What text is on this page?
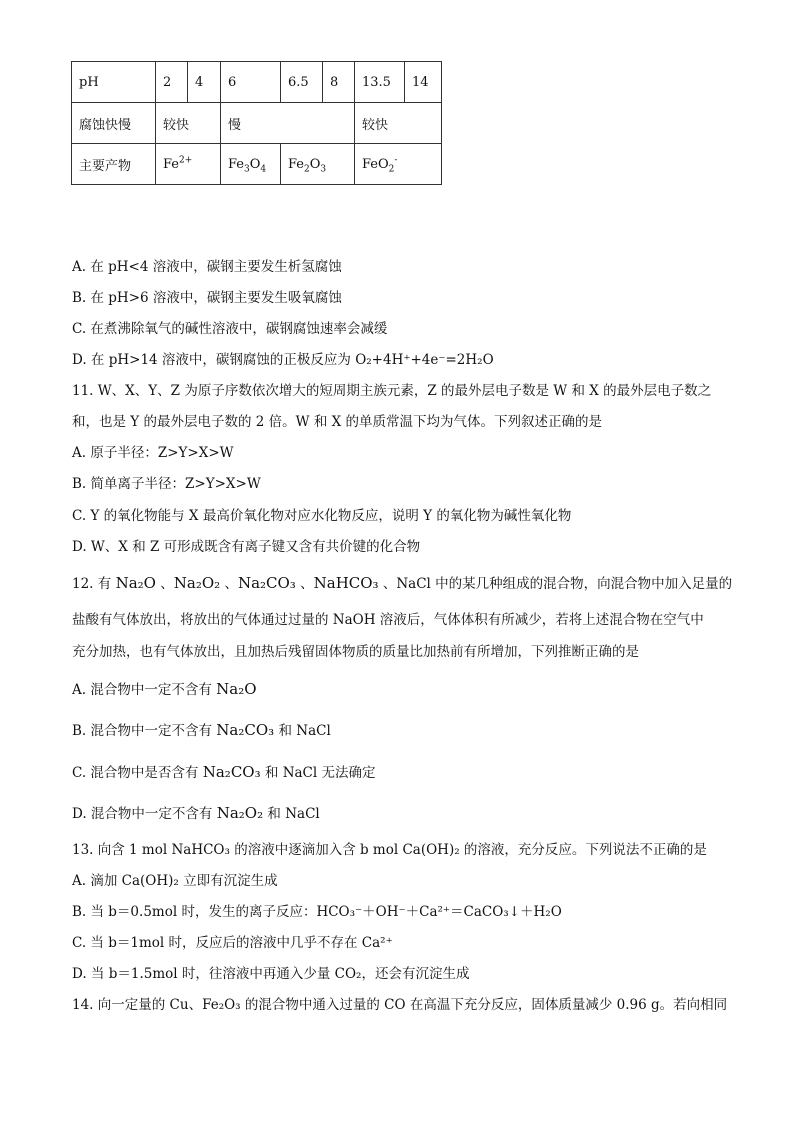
pH	2	4	6	6.5	8	13.5	14
腐蚀快慢	较快		慢			较快	
主要产物	$Fe^{2+}$		$Fe_3O_4$	$Fe_2O_3$		FeO$_2$-
A. 在 pH<4 溶液中，碳钢主要发生析氢腐蚀
B. 在 pH>6 溶液中，碳钢主要发生吸氧腐蚀
C. 在煮沸除氧气的碱性溶液中，碳钢腐蚀速率会减缓
D. 在 pH>14 溶液中，碳钢腐蚀的正极反应为 O₂+4H⁺+4e⁻=2H₂O
11. W、X、Y、Z 为原子序数依次增大的短周期主族元素，Z 的最外层电子数是 W 和 X 的最外层电子数之
和，也是 Y 的最外层电子数的 2 倍。W 和 X 的单质常温下均为气体。下列叙述正确的是
A. 原子半径：Z>Y>X>W
B. 简单离子半径：Z>Y>X>W
C. Y 的氧化物能与 X 最高价氧化物对应水化物反应，说明 Y 的氧化物为碱性氧化物
D. W、X 和 Z 可形成既含有离子键又含有共价键的化合物
12. 有 Na₂O 、Na₂O₂ 、Na₂CO₃ 、NaHCO₃ 、NaCl 中的某几种组成的混合物，向混合物中加入足量的
盐酸有气体放出，将放出的气体通过过量的 NaOH 溶液后，气体体积有所减少，若将上述混合物在空气中
充分加热，也有气体放出，且加热后残留固体物质的质量比加热前有所增加，下列推断正确的是
A. 混合物中一定不含有 Na₂O
B. 混合物中一定不含有 Na₂CO₃ 和 NaCl
C. 混合物中是否含有 Na₂CO₃ 和 NaCl 无法确定
D. 混合物中一定不含有 Na₂O₂ 和 NaCl
13. 向含 1 mol NaHCO₃ 的溶液中逐滴加入含 b mol Ca(OH)₂ 的溶液，充分反应。下列说法不正确的是
A. 滴加 Ca(OH)₂ 立即有沉淀生成
B. 当 b＝0.5mol 时，发生的离子反应：HCO₃⁻＋OH⁻＋Ca²⁺＝CaCO₃↓＋H₂O
C. 当 b＝1mol 时，反应后的溶液中几乎不存在 Ca²⁺
D. 当 b＝1.5mol 时，往溶液中再通入少量 CO₂，还会有沉淀生成
14. 向一定量的 Cu、Fe₂O₃ 的混合物中通入过量的 CO 在高温下充分反应，固体质量减少 0.96 g。若向相同
